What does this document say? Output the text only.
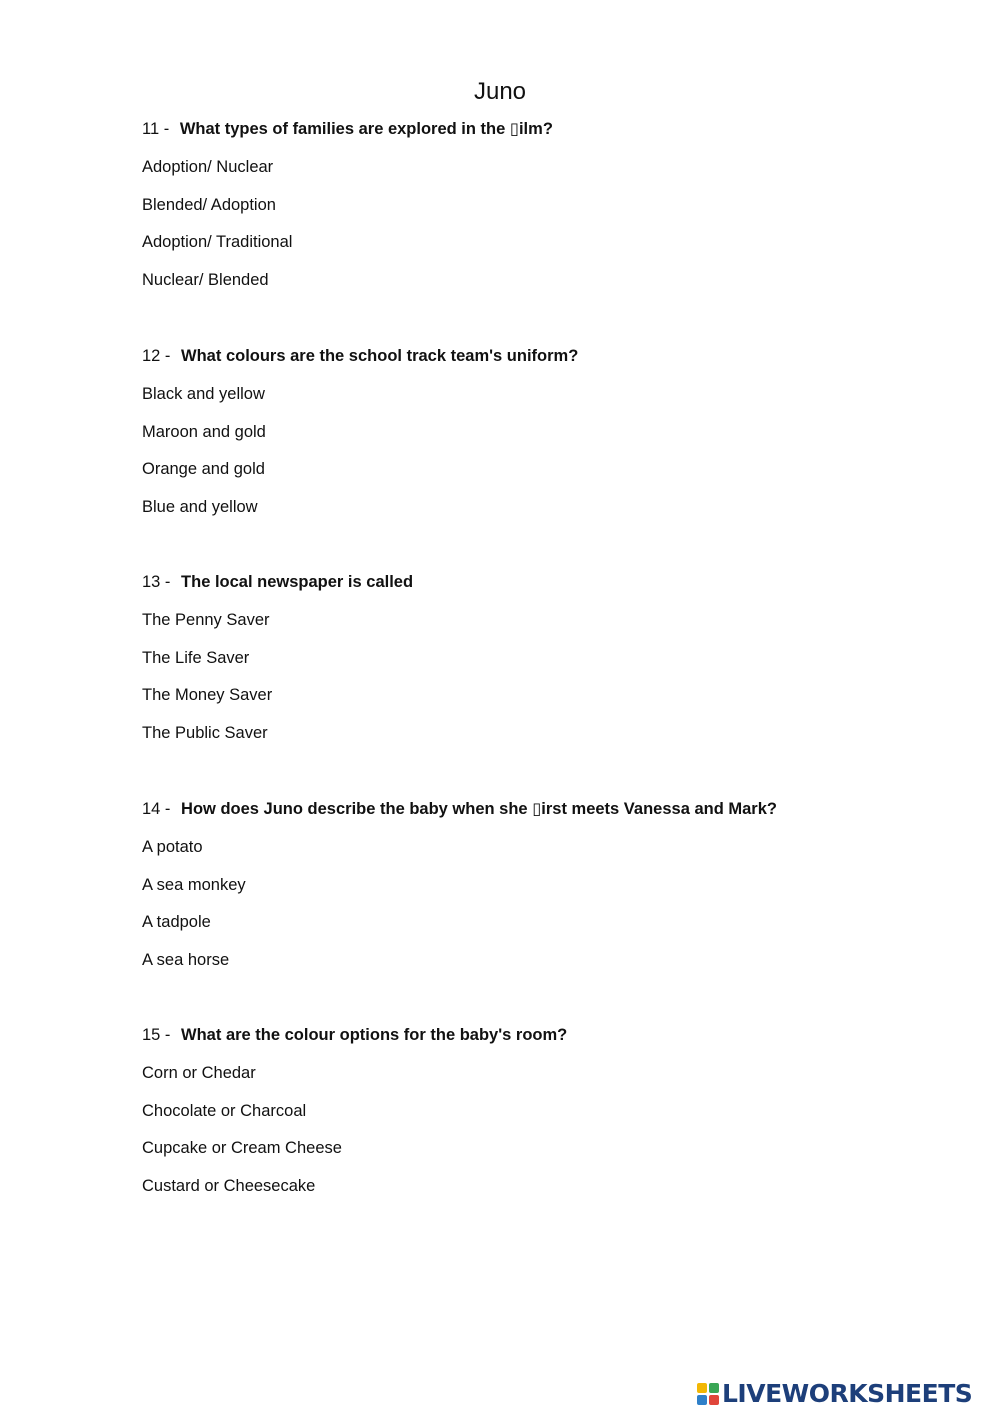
Juno
11 - What types of families are explored in the ▯ilm?
Adoption/ Nuclear
Blended/ Adoption
Adoption/ Traditional
Nuclear/ Blended
12 - What colours are the school track team's uniform?
Black and yellow
Maroon and gold
Orange and gold
Blue and yellow
13 - The local newspaper is called
The Penny Saver
The Life Saver
The Money Saver
The Public Saver
14 - How does Juno describe the baby when she ▯irst meets Vanessa and Mark?
A potato
A sea monkey
A tadpole
A sea horse
15 - What are the colour options for the baby's room?
Corn or Chedar
Chocolate or Charcoal
Cupcake or Cream Cheese
Custard or Cheesecake
LIVEWORKSHEETS
